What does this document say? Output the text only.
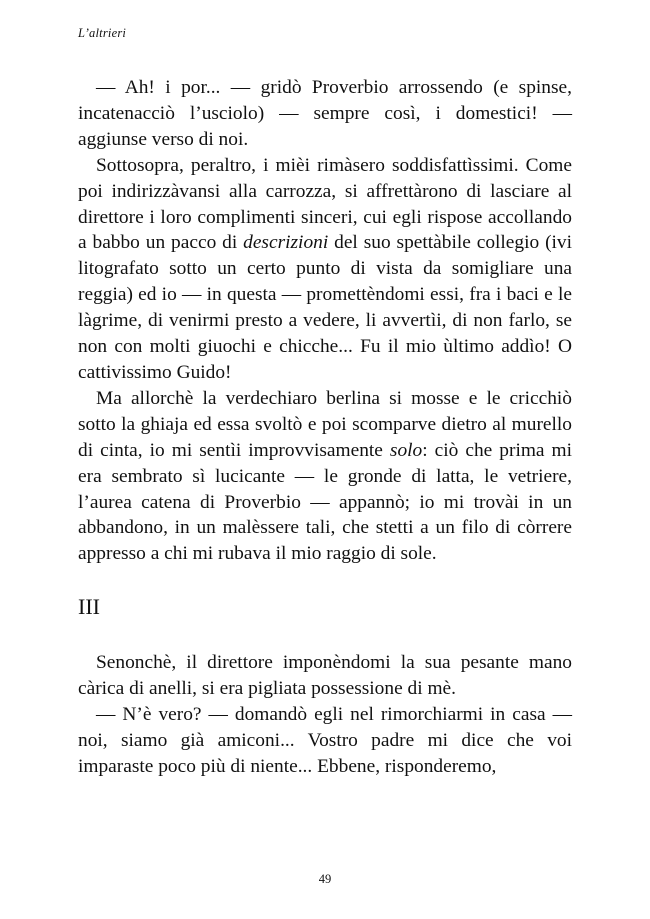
L’altrieri

— Ah! i por... — gridò Proverbio arrossendo (e spinse, incatenacciò l’usciolo) — sempre così, i domestici! — aggiunse verso di noi.

Sottosopra, peraltro, i mièi rimàsero soddisfattìssimi. Come poi indirizzàvansi alla carrozza, si affrettàrono di lasciare al direttore i loro complimenti sinceri, cui egli rispose accollando a babbo un pacco di descrizioni del suo spettàbile collegio (ivi litografato sotto un certo punto di vista da somigliare una reggia) ed io — in questa — promettèndomi essi, fra i baci e le làgrime, di venirmi presto a vedere, li avvertìi, di non farlo, se non con molti giuochi e chicche... Fu il mio ùltimo addìo! O cattivissimo Guido!

Ma allorchè la verdechiaro berlina si mosse e le cricchiò sotto la ghiaja ed essa svoltò e poi scomparve dietro al murello di cinta, io mi sentìi improvvisamente solo: ciò che prima mi era sembrato sì lucicante — le gronde di latta, le vetriere, l’aurea catena di Proverbio — appannò; io mi trovài in un abbandono, in un malèssere tali, che stetti a un filo di còrrere appresso a chi mi rubava il mio raggio di sole.

III

Senonchè, il direttore imponèndomi la sua pesante mano càrica di anelli, si era pigliata possessione di mè.

— N’è vero? — domandò egli nel rimorchiarmi in casa — noi, siamo già amiconi... Vostro padre mi dice che voi imparaste poco più di niente... Ebbene, risponderemo,

49
